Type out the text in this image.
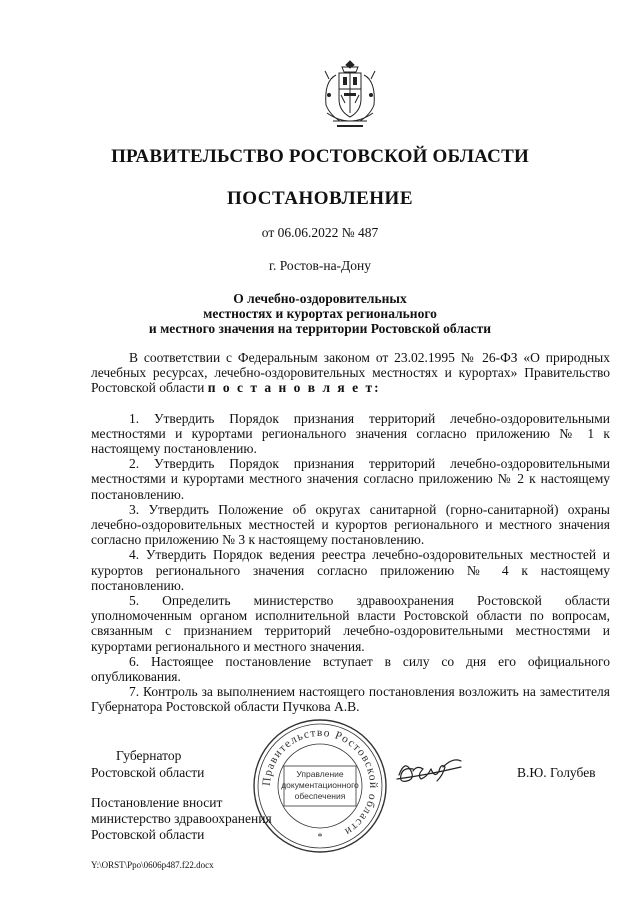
ПРАВИТЕЛЬСТВО РОСТОВСКОЙ ОБЛАСТИ
ПОСТАНОВЛЕНИЕ
от 06.06.2022 № 487
г. Ростов-на-Дону
О лечебно-оздоровительных
местностях и курортах регионального
и местного значения на территории Ростовской области

В соответствии с Федеральным законом от 23.02.1995 № 26-ФЗ «О природных лечебных ресурсах, лечебно-оздоровительных местностях и курортах» Правительство Ростовской области п о с т а н о в л я е т:

1. Утвердить Порядок признания территорий лечебно-оздоровительными местностями и курортами регионального значения согласно приложению № 1 к настоящему постановлению.

2. Утвердить Порядок признания территорий лечебно-оздоровительными местностями и курортами местного значения согласно приложению № 2 к настоящему постановлению.

3. Утвердить Положение об округах санитарной (горно-санитарной) охраны лечебно-оздоровительных местностей и курортов регионального и местного значения согласно приложению № 3 к настоящему постановлению.

4. Утвердить Порядок ведения реестра лечебно-оздоровительных местностей и курортов регионального значения согласно приложению № 4 к настоящему постановлению.

5. Определить министерство здравоохранения Ростовской области уполномоченным органом исполнительной власти Ростовской области по вопросам, связанным с признанием территорий лечебно-оздоровительными местностями и курортами регионального и местного значения.

6. Настоящее постановление вступает в силу со дня его официального опубликования.

7. Контроль за выполнением настоящего постановления возложить на заместителя Губернатора Ростовской области Пучкова А.В.

Правительство Ростовской области
Управление
документационного
обеспечения
*
Губернатор
Ростовской области	В.Ю. Голубев
Постановление вносит
министерство здравоохранения
Ростовской области
Y:\ORST\Ppo\0606p487.f22.docx
